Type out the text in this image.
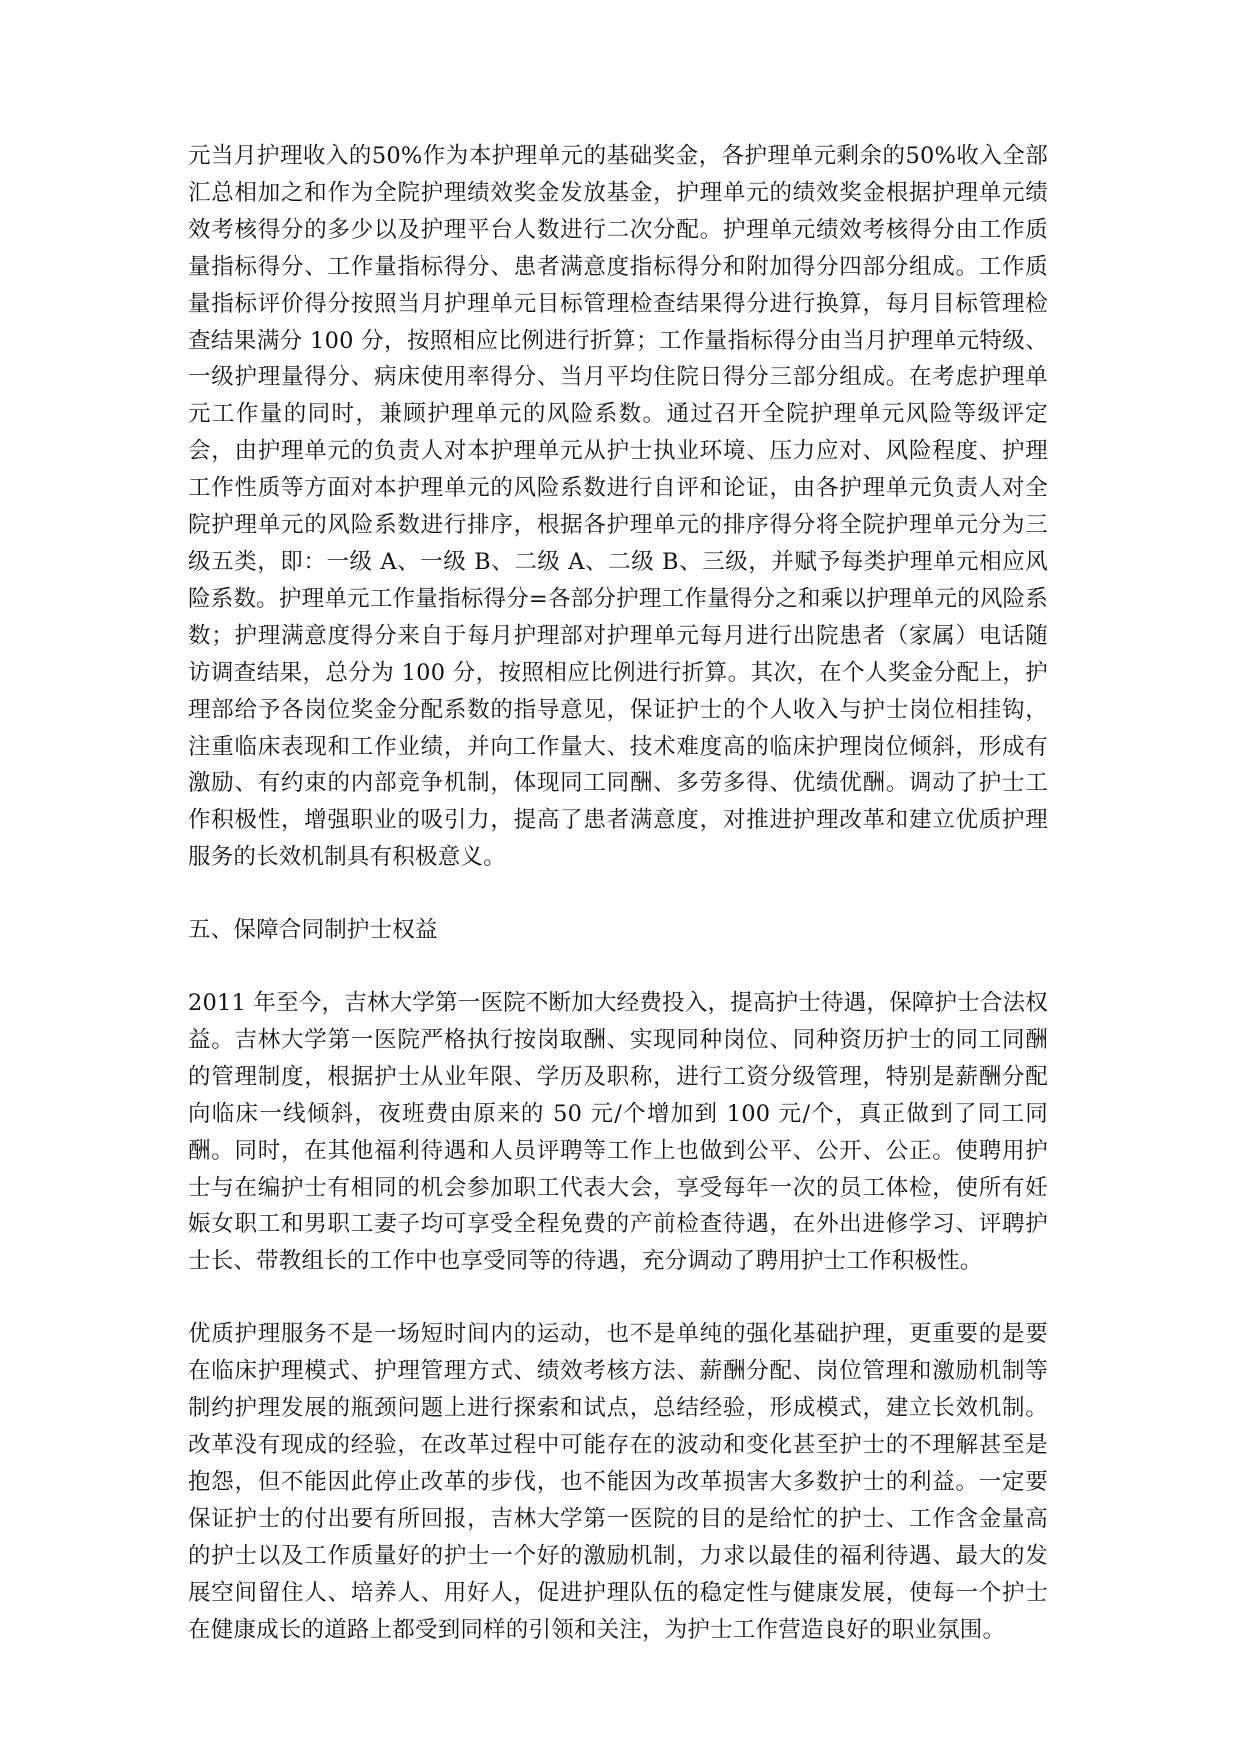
元当月护理收入的50%作为本护理单元的基础奖金，各护理单元剩余的50%收入全部汇总相加之和作为全院护理绩效奖金发放基金，护理单元的绩效奖金根据护理单元绩效考核得分的多少以及护理平台人数进行二次分配。护理单元绩效考核得分由工作质量指标得分、工作量指标得分、患者满意度指标得分和附加得分四部分组成。工作质量指标评价得分按照当月护理单元目标管理检查结果得分进行换算，每月目标管理检查结果满分 100 分，按照相应比例进行折算；工作量指标得分由当月护理单元特级、一级护理量得分、病床使用率得分、当月平均住院日得分三部分组成。在考虑护理单元工作量的同时，兼顾护理单元的风险系数。通过召开全院护理单元风险等级评定会，由护理单元的负责人对本护理单元从护士执业环境、压力应对、风险程度、护理工作性质等方面对本护理单元的风险系数进行自评和论证，由各护理单元负责人对全院护理单元的风险系数进行排序，根据各护理单元的排序得分将全院护理单元分为三级五类，即：一级 A、一级 B、二级 A、二级 B、三级，并赋予每类护理单元相应风险系数。护理单元工作量指标得分=各部分护理工作量得分之和乘以护理单元的风险系数；护理满意度得分来自于每月护理部对护理单元每月进行出院患者（家属）电话随访调查结果，总分为 100 分，按照相应比例进行折算。其次，在个人奖金分配上，护理部给予各岗位奖金分配系数的指导意见，保证护士的个人收入与护士岗位相挂钩，注重临床表现和工作业绩，并向工作量大、技术难度高的临床护理岗位倾斜，形成有激励、有约束的内部竞争机制，体现同工同酬、多劳多得、优绩优酬。调动了护士工作积极性，增强职业的吸引力，提高了患者满意度，对推进护理改革和建立优质护理服务的长效机制具有积极意义。

五、保障合同制护士权益

2011 年至今，吉林大学第一医院不断加大经费投入，提高护士待遇，保障护士合法权益。吉林大学第一医院严格执行按岗取酬、实现同种岗位、同种资历护士的同工同酬的管理制度，根据护士从业年限、学历及职称，进行工资分级管理，特别是薪酬分配向临床一线倾斜，夜班费由原来的 50 元/个增加到 100 元/个，真正做到了同工同酬。同时，在其他福利待遇和人员评聘等工作上也做到公平、公开、公正。使聘用护士与在编护士有相同的机会参加职工代表大会，享受每年一次的员工体检，使所有妊娠女职工和男职工妻子均可享受全程免费的产前检查待遇，在外出进修学习、评聘护士长、带教组长的工作中也享受同等的待遇，充分调动了聘用护士工作积极性。

优质护理服务不是一场短时间内的运动，也不是单纯的强化基础护理，更重要的是要在临床护理模式、护理管理方式、绩效考核方法、薪酬分配、岗位管理和激励机制等制约护理发展的瓶颈问题上进行探索和试点，总结经验，形成模式，建立长效机制。改革没有现成的经验，在改革过程中可能存在的波动和变化甚至护士的不理解甚至是抱怨，但不能因此停止改革的步伐，也不能因为改革损害大多数护士的利益。一定要保证护士的付出要有所回报，吉林大学第一医院的目的是给忙的护士、工作含金量高的护士以及工作质量好的护士一个好的激励机制，力求以最佳的福利待遇、最大的发展空间留住人、培养人、用好人，促进护理队伍的稳定性与健康发展，使每一个护士在健康成长的道路上都受到同样的引领和关注，为护士工作营造良好的职业氛围。
